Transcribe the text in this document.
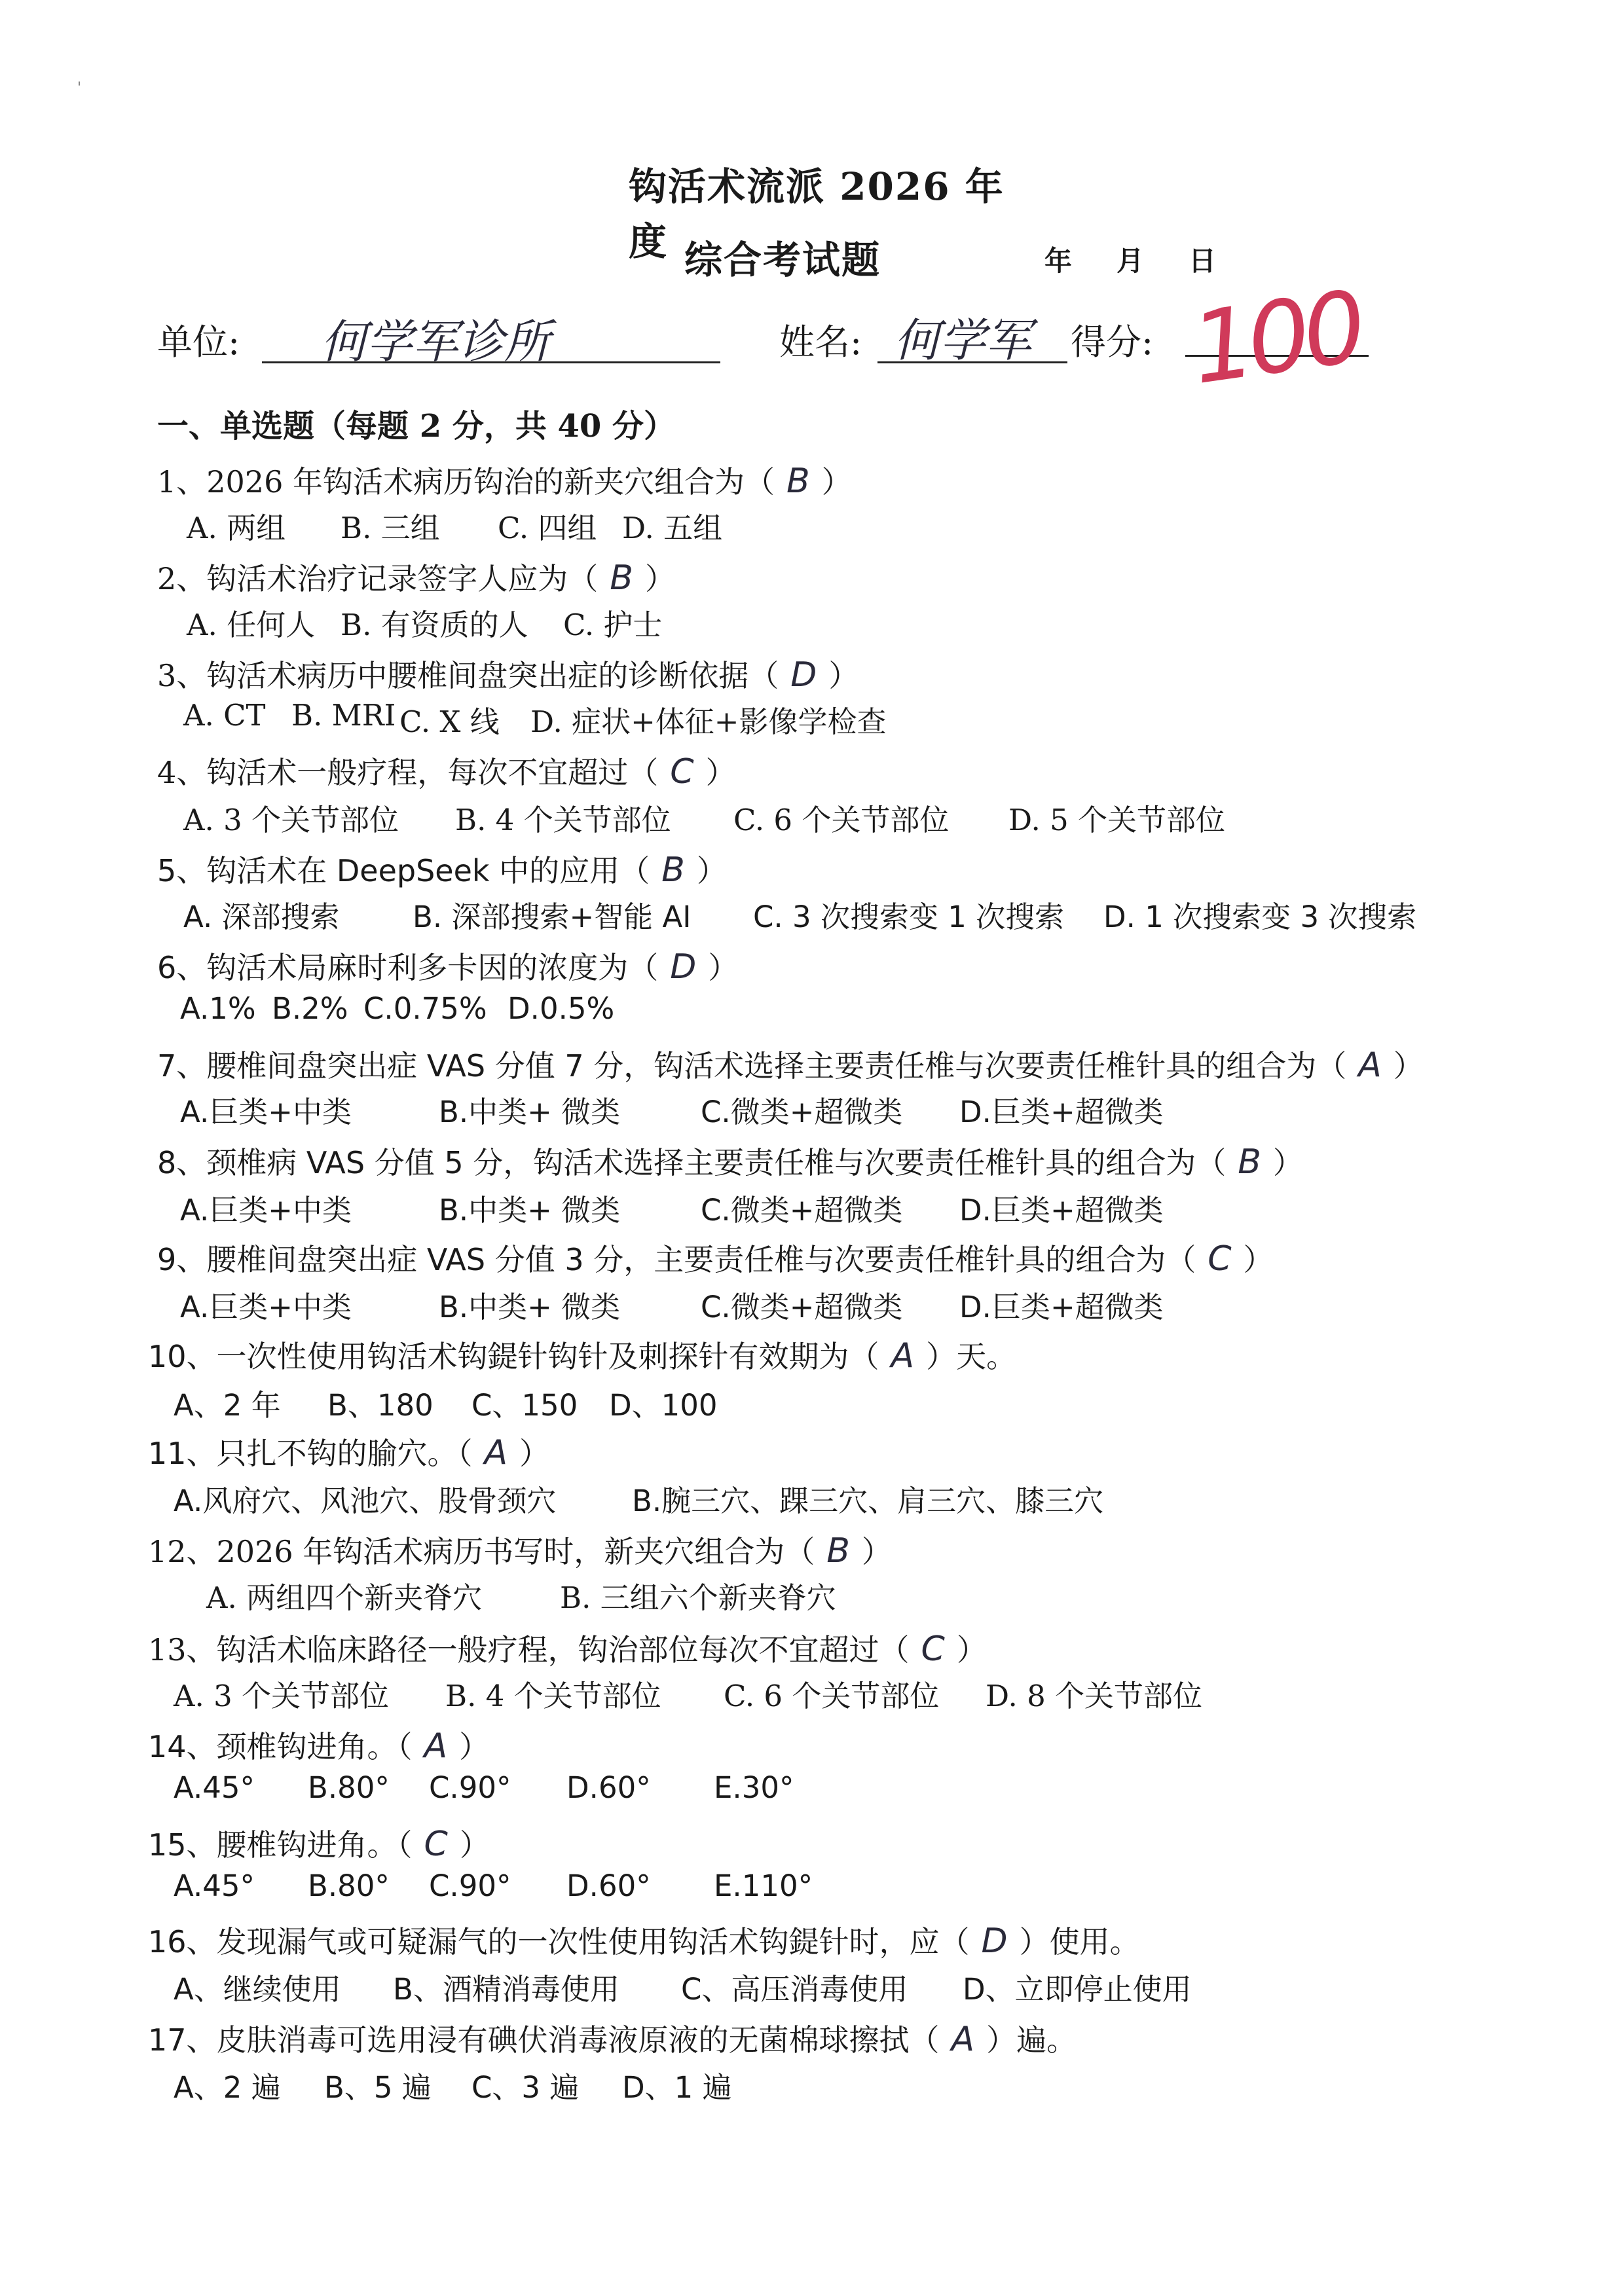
'
钩活术流派 2026 年度 综合考试题	年 月 日
单位: 何学军诊所	姓名: 何学军 得分: 100
一、单选题（每题 2 分，共 40 分）
1、2026 年钩活术病历钩治的新夹穴组合为（ B ）
A. 两组 B. 三组 C. 四组 D. 五组
2、钩活术治疗记录签字人应为（ B ）
A. 任何人 B. 有资质的人 C. 护士
3、钩活术病历中腰椎间盘突出症的诊断依据（ D ）
A. CT B. MRI C. X 线 D. 症状+体征+影像学检查
4、钩活术一般疗程，每次不宜超过（ C ）
A. 3 个关节部位 B. 4 个关节部位 C. 6 个关节部位 D. 5 个关节部位
5、钩活术在 DeepSeek 中的应用（ B ）
A. 深部搜索 B. 深部搜索+智能 AI C. 3 次搜索变 1 次搜索 D. 1 次搜索变 3 次搜索
6、钩活术局麻时利多卡因的浓度为（ D ）
A.1% B.2% C.0.75% D.0.5%
7、腰椎间盘突出症 VAS 分值 7 分，钩活术选择主要责任椎与次要责任椎针具的组合为（ A ）
A.巨类+中类	B.中类+ 微类	C.微类+超微类 D.巨类+超微类
8、颈椎病 VAS 分值 5 分，钩活术选择主要责任椎与次要责任椎针具的组合为（ B ）
A.巨类+中类	B.中类+ 微类	C.微类+超微类 D.巨类+超微类
9、腰椎间盘突出症 VAS 分值 3 分，主要责任椎与次要责任椎针具的组合为（ C ）
A.巨类+中类	B.中类+ 微类	C.微类+超微类 D.巨类+超微类
10、一次性使用钩活术钩鍉针钩针及刺探针有效期为（ A ）天。
A、2 年 B、180 C、150 D、100
11、只扎不钩的腧穴。（ A ）
A.风府穴、风池穴、股骨颈穴	B.腕三穴、踝三穴、肩三穴、膝三穴
12、2026 年钩活术病历书写时，新夹穴组合为（ B ）
A. 两组四个新夹脊穴	B. 三组六个新夹脊穴
13、钩活术临床路径一般疗程，钩治部位每次不宜超过（ C ）
A. 3 个关节部位 B. 4 个关节部位 C. 6 个关节部位 D. 8 个关节部位
14、颈椎钩进角。（ A ）
A.45° B.80° C.90° D.60° E.30°
15、腰椎钩进角。（ C ）
A.45° B.80° C.90° D.60° E.110°
16、发现漏气或可疑漏气的一次性使用钩活术钩鍉针时，应（ D ）使用。
A、继续使用 B、酒精消毒使用 C、高压消毒使用 D、立即停止使用
17、皮肤消毒可选用浸有碘伏消毒液原液的无菌棉球擦拭（ A ）遍。
A、2 遍 B、5 遍 C、3 遍 D、1 遍
